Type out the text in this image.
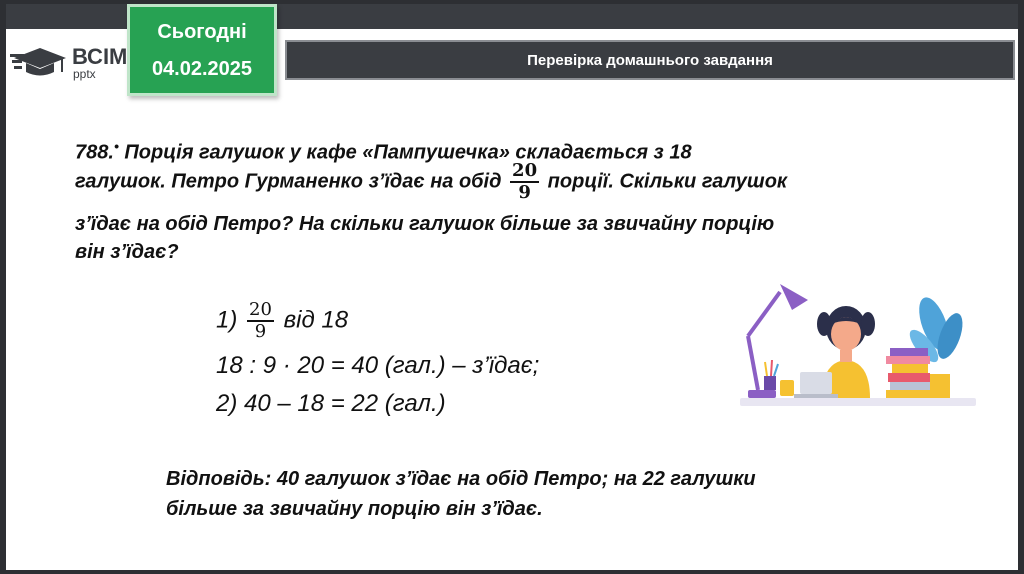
ВСІМ
pptx
Сьогодні
04.02.2025	Перевірка домашнього завдання
788.• Порція галушок у кафе «Пампушечка» складається з 18
галушок. Петро Гурманенко з’їдає на обід $\frac{20}{9}$ порції. Скільки галушок
з’їдає на обід Петро? На скільки галушок більше за звичайну порцію
він з’їдає?
$1) \frac{20}{9}$ від 18
18 : 9 · 20 = 40 (гал.) – з’їдає;
2) 40 – 18 = 22 (гал.)
Відповідь: 40 галушок з’їдає на обід Петро; на 22 галушки
більше за звичайну порцію він з’їдає.
